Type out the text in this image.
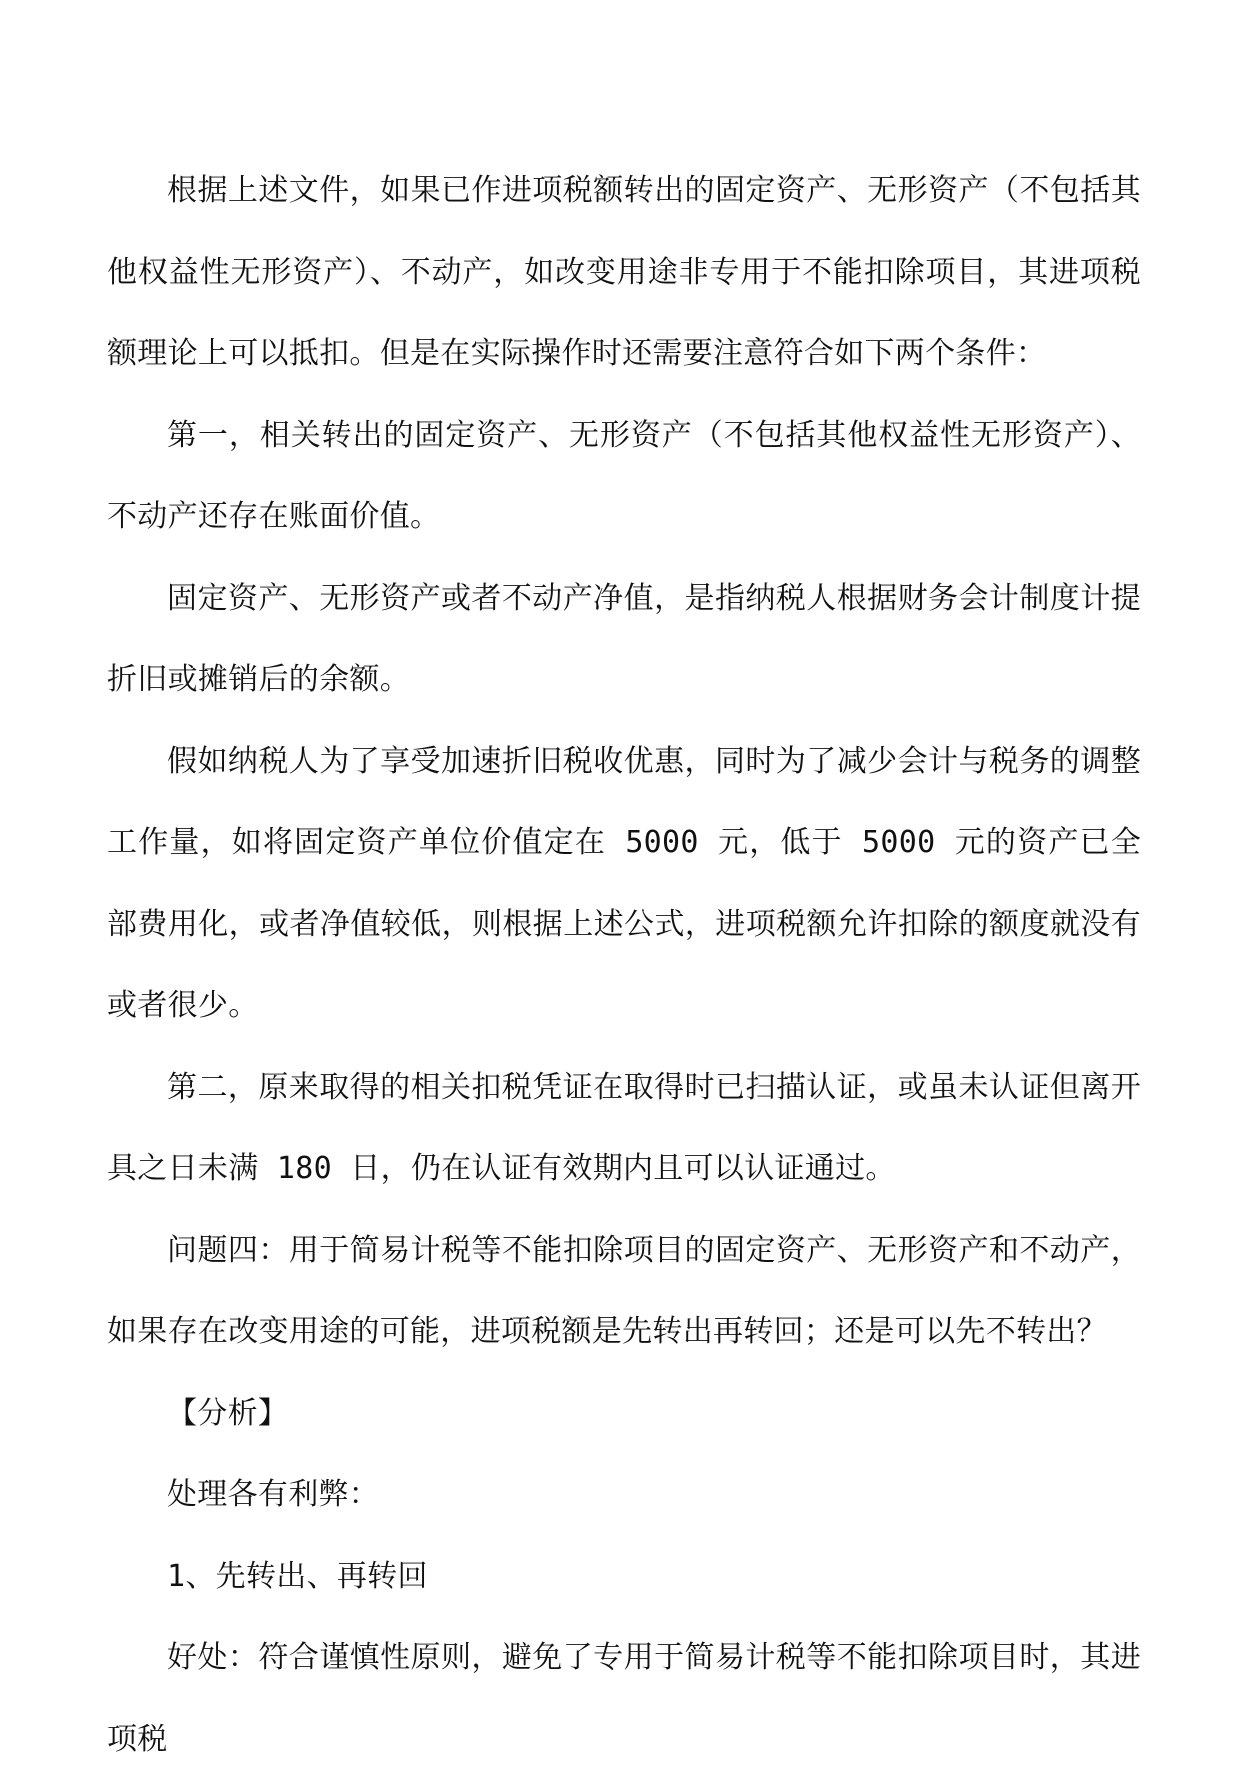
根据上述文件，如果已作进项税额转出的固定资产、无形资产（不包括其他权益性无形资产）、不动产，如改变用途非专用于不能扣除项目，其进项税额理论上可以抵扣。但是在实际操作时还需要注意符合如下两个条件：

第一，相关转出的固定资产、无形资产（不包括其他权益性无形资产）、不动产还存在账面价值。

固定资产、无形资产或者不动产净值，是指纳税人根据财务会计制度计提折旧或摊销后的余额。

假如纳税人为了享受加速折旧税收优惠，同时为了减少会计与税务的调整工作量，如将固定资产单位价值定在 5000 元，低于 5000 元的资产已全部费用化，或者净值较低，则根据上述公式，进项税额允许扣除的额度就没有或者很少。

第二，原来取得的相关扣税凭证在取得时已扫描认证，或虽未认证但离开具之日未满 180 日，仍在认证有效期内且可以认证通过。

问题四：用于简易计税等不能扣除项目的固定资产、无形资产和不动产，如果存在改变用途的可能，进项税额是先转出再转回；还是可以先不转出？

【分析】

处理各有利弊：

1、先转出、再转回

好处：符合谨慎性原则，避免了专用于简易计税等不能扣除项目时，其进项税
